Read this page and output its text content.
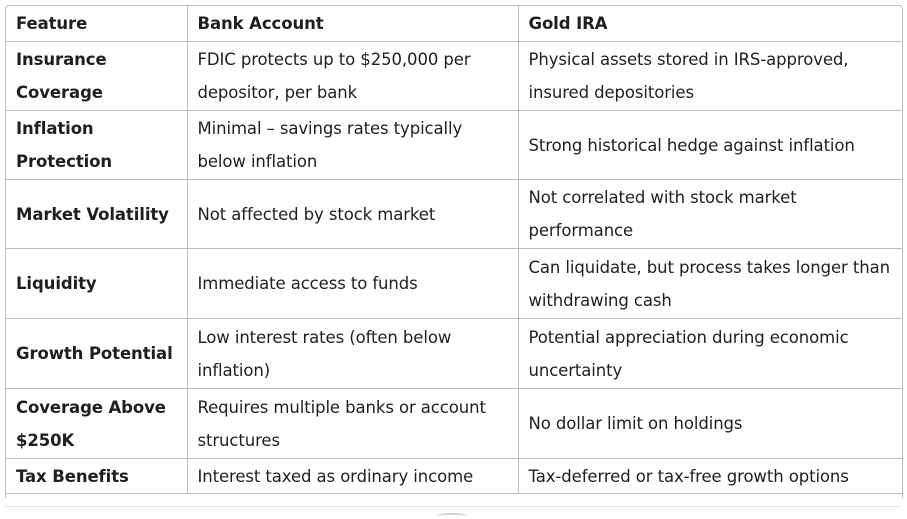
Feature	Bank Account	Gold IRA
Insurance Coverage	FDIC protects up to $250,000 per depositor, per bank	Physical assets stored in IRS-approved, insured depositories
Inflation Protection	Minimal – savings rates typically below inflation	Strong historical hedge against inflation
Market Volatility	Not affected by stock market	Not correlated with stock market performance
Liquidity	Immediate access to funds	Can liquidate, but process takes longer than withdrawing cash
Growth Potential	Low interest rates (often below inflation)	Potential appreciation during economic uncertainty
Coverage Above $250K	Requires multiple banks or account structures	No dollar limit on holdings
Tax Benefits	Interest taxed as ordinary income	Tax-deferred or tax-free growth options
